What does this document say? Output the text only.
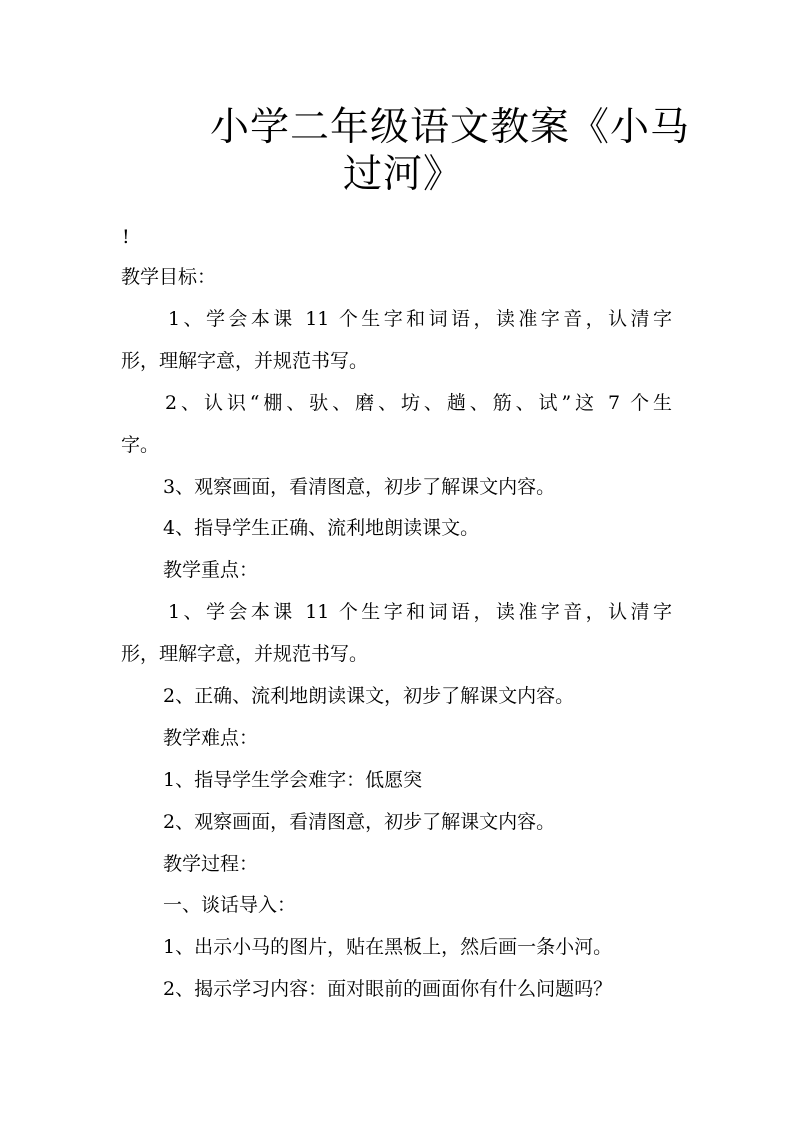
小学二年级语文教案《小马
过河》
!
教学目标：
1、学会本课 11 个生字和词语，读准字音，认清字
形，理解字意，并规范书写。
2、认识“棚、驮、磨、坊、趟、筋、试”这 7 个生
字。
3、观察画面，看清图意，初步了解课文内容。
4、指导学生正确、流利地朗读课文。
教学重点：
1、学会本课 11 个生字和词语，读准字音，认清字
形，理解字意，并规范书写。
2、正确、流利地朗读课文，初步了解课文内容。
教学难点：
1、指导学生学会难字：低愿突
2、观察画面，看清图意，初步了解课文内容。
教学过程：
一、谈话导入：
1、出示小马的图片，贴在黑板上，然后画一条小河。
2、揭示学习内容：面对眼前的画面你有什么问题吗？
